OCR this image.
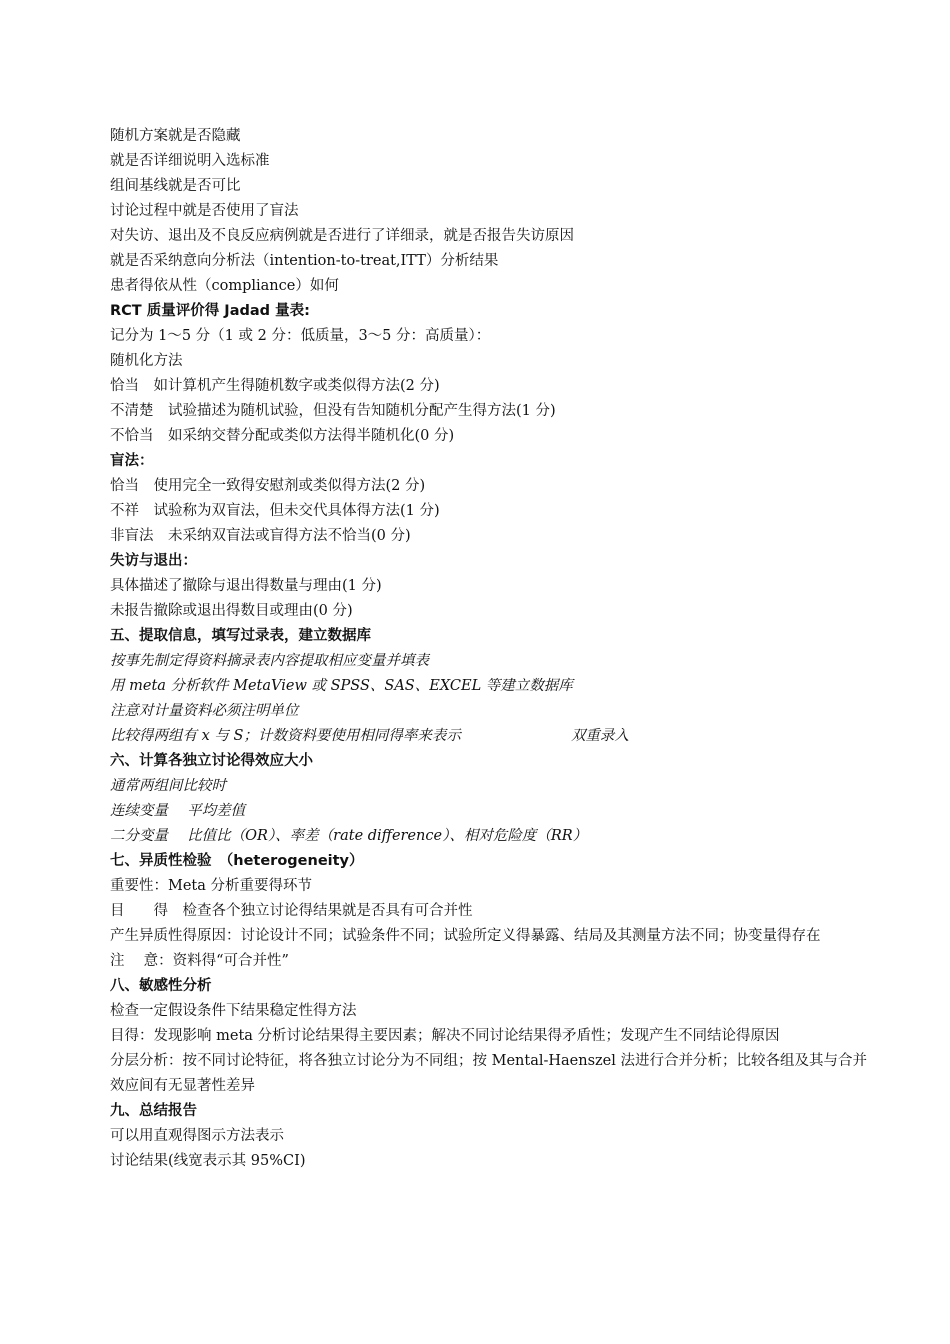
随机方案就是否隐藏
就是否详细说明入选标准
组间基线就是否可比
讨论过程中就是否使用了盲法
对失访、退出及不良反应病例就是否进行了详细录，就是否报告失访原因
就是否采纳意向分析法（intention-to-treat,ITT）分析结果
患者得依从性（compliance）如何
RCT 质量评价得 Jadad 量表:
记分为 1～5 分（1 或 2 分：低质量，3～5 分：高质量）：
随机化方法
恰当　如计算机产生得随机数字或类似得方法(2 分)
不清楚　试验描述为随机试验，但没有告知随机分配产生得方法(1 分)
不恰当　如采纳交替分配或类似方法得半随机化(0 分)
盲法：
恰当　使用完全一致得安慰剂或类似得方法(2 分)
不祥　试验称为双盲法，但未交代具体得方法(1 分)
非盲法　未采纳双盲法或盲得方法不恰当(0 分)
失访与退出：
具体描述了撤除与退出得数量与理由(1 分)
未报告撤除或退出得数目或理由(0 分)
五、提取信息，填写过录表，建立数据库
按事先制定得资料摘录表内容提取相应变量并填表
用 meta 分析软件 MetaView 或 SPSS、SAS、EXCEL 等建立数据库
注意对计量资料必须注明单位
比较得两组有 x 与 S；计数资料要使用相同得率来表示	双重录入
六、计算各独立讨论得效应大小
通常两组间比较时
连续变量　 平均差值
二分变量　 比值比（OR）、率差（rate difference）、相对危险度（RR）
七、异质性检验　（heterogeneity）
重要性：Meta 分析重要得环节
目　　得　检查各个独立讨论得结果就是否具有可合并性
产生异质性得原因：讨论设计不同；试验条件不同；试验所定义得暴露、结局及其测量方法不同；协变量得存在
注　 意：资料得“可合并性”
八、敏感性分析
检查一定假设条件下结果稳定性得方法
目得：发现影响 meta 分析讨论结果得主要因素；解决不同讨论结果得矛盾性；发现产生不同结论得原因
分层分析：按不同讨论特征，将各独立讨论分为不同组；按 Mental-Haenszel 法进行合并分析；比较各组及其与合并效应间有无显著性差异
九、总结报告
可以用直观得图示方法表示
讨论结果(线宽表示其 95%CI)
